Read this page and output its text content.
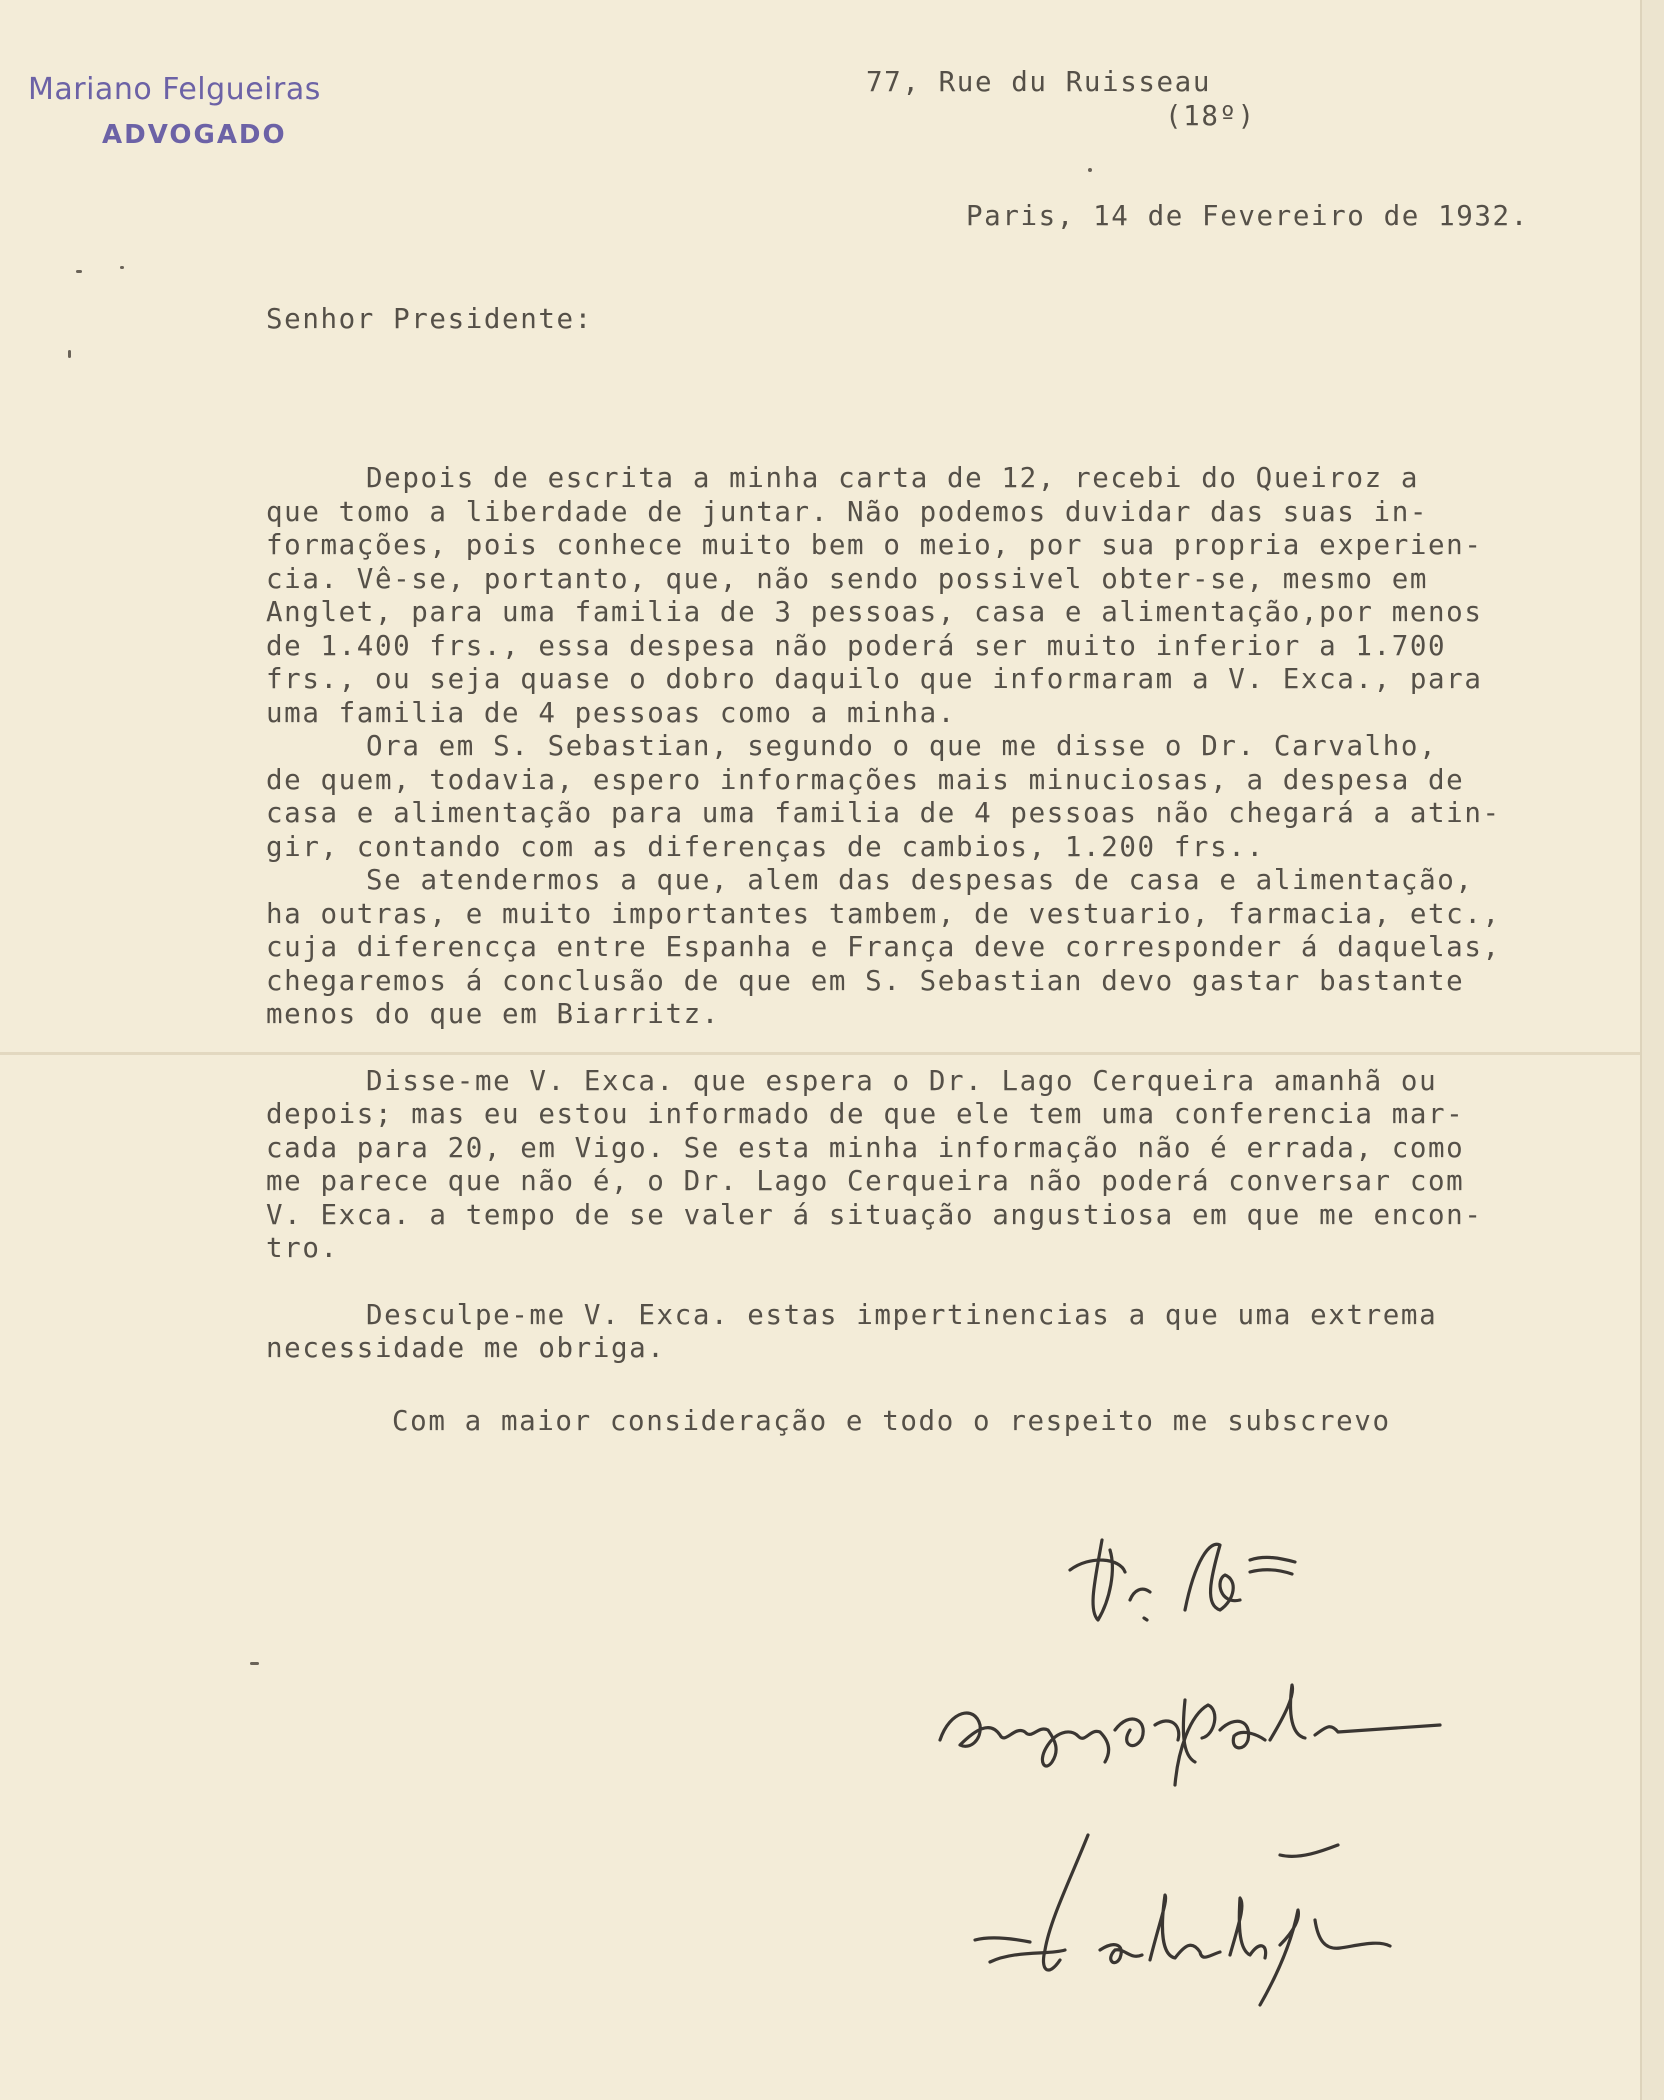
Mariano Felgueiras
ADVOGADO

77, Rue du Ruisseau

(18º)

Paris, 14 de Fevereiro de 1932.

Senhor Presidente:

Depois de escrita a minha carta de 12, recebi do Queiroz a
que tomo a liberdade de juntar. Não podemos duvidar das suas in-
formações, pois conhece muito bem o meio, por sua propria experien-
cia. Vê-se, portanto, que, não sendo possivel obter-se, mesmo em
Anglet, para uma familia de 3 pessoas, casa e alimentação,por menos
de 1.400 frs., essa despesa não poderá ser muito inferior a 1.700
frs., ou seja quase o dobro daquilo que informaram a V. Exca., para
uma familia de 4 pessoas como a minha.
Ora em S. Sebastian, segundo o que me disse o Dr. Carvalho,
de quem, todavia, espero informações mais minuciosas, a despesa de
casa e alimentação para uma familia de 4 pessoas não chegará a atin-
gir, contando com as diferenças de cambios, 1.200 frs..
Se atendermos a que, alem das despesas de casa e alimentação,
ha outras, e muito importantes tambem, de vestuario, farmacia, etc.,
cuja diferencça entre Espanha e França deve corresponder á daquelas,
chegaremos á conclusão de que em S. Sebastian devo gastar bastante
menos do que em Biarritz.
Disse-me V. Exca. que espera o Dr. Lago Cerqueira amanhã ou
depois; mas eu estou informado de que ele tem uma conferencia mar-
cada para 20, em Vigo. Se esta minha informação não é errada, como
me parece que não é, o Dr. Lago Cerqueira não poderá conversar com
V. Exca. a tempo de se valer á situação angustiosa em que me encon-
tro.
Desculpe-me V. Exca. estas impertinencias a que uma extrema
necessidade me obriga.

Com a maior consideração e todo o respeito me subscrevo
